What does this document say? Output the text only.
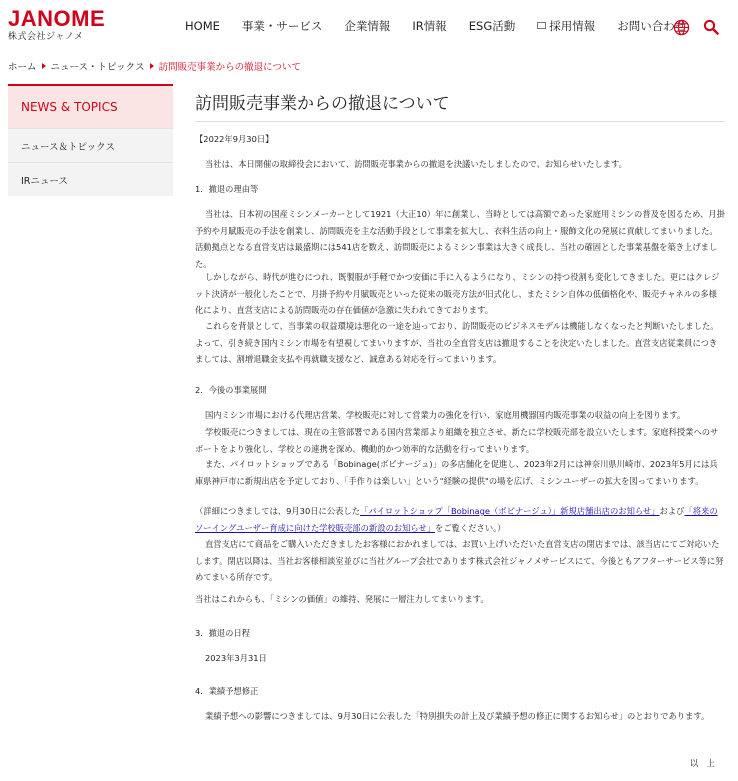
JANOME
株式会社ジャノメ
HOME 事業・サービス 企業情報 IR情報 ESG活動	採用情報 お問い合わせ
ホーム ニュース・トピックス 訪問販売事業からの撤退について
NEWS & TOPICS
ニュース＆トピックス
IRニュース
訪問販売事業からの撤退について
【2022年9月30日】
当社は、本日開催の取締役会において、訪問販売事業からの撤退を決議いたしましたので、お知らせいたします。
1．撤退の理由等
当社は、日本初の国産ミシンメーカーとして1921（大正10）年に創業し、当時としては高額であった家庭用ミシンの普及を図るため、月掛予約や月賦販売の手法を創業し、訪問販売を主な活動手段として事業を拡大し、衣料生活の向上・服飾文化の発展に貢献してまいりました。活動拠点となる直営支店は最盛期には541店を数え、訪問販売によるミシン事業は大きく成長し、当社の確固とした事業基盤を築き上げました。
しかしながら、時代が進むにつれ、既製服が手軽でかつ安価に手に入るようになり、ミシンの持つ役割も変化してきました。更にはクレジット決済が一般化したことで、月掛予約や月賦販売といった従来の販売方法が旧式化し、またミシン自体の低価格化や、販売チャネルの多様化により、直営支店による訪問販売の存在価値が急激に失われてきております。
これらを背景として、当事業の収益環境は悪化の一途を辿っており、訪問販売のビジネスモデルは機能しなくなったと判断いたしました。よって、引き続き国内ミシン市場を有望視してまいりますが、当社の全直営支店は撤退することを決定いたしました。直営支店従業員につきましては、割増退職金支払や再就職支援など、誠意ある対応を行ってまいります。
2．今後の事業展開
国内ミシン市場における代理店営業、学校販売に対して営業力の強化を行い、家庭用機器国内販売事業の収益の向上を図ります。
学校販売につきましては、現在の主管部署である国内営業部より組織を独立させ、新たに学校販売部を設立いたします。家庭科授業へのサポートをより強化し、学校との連携を深め、機動的かつ効率的な活動を行ってまいります。
また、パイロットショップである「Bobinage(ボビナージュ)」の多店舗化を促進し、2023年2月には神奈川県川崎市、2023年5月には兵庫県神戸市に新規出店を予定しており、「手作りは楽しい」という"経験の提供"の場を広げ、ミシンユーザーの拡大を図ってまいります。
（詳細につきましては、9月30日に公表した「パイロットショップ「Bobinage（ボビナージュ）」新規店舗出店のお知らせ」および「将来のソーイングユーザー育成に向けた学校販売部の新設のお知らせ」をご覧ください。）
直営支店にて商品をご購入いただきましたお客様におかれましては、お買い上げいただいた直営支店の閉店までは、該当店にてご対応いたします。閉店以降は、当社お客様相談室並びに当社グループ会社であります株式会社ジャノメサービスにて、今後ともアフターサービス等に努めてまいる所存です。
当社はこれからも、「ミシンの価値」の維持、発展に一層注力してまいります。
3．撤退の日程
2023年3月31日
4．業績予想修正
業績予想への影響につきましては、9月30日に公表した「特別損失の計上及び業績予想の修正に関するお知らせ」のとおりであります。
以　上
